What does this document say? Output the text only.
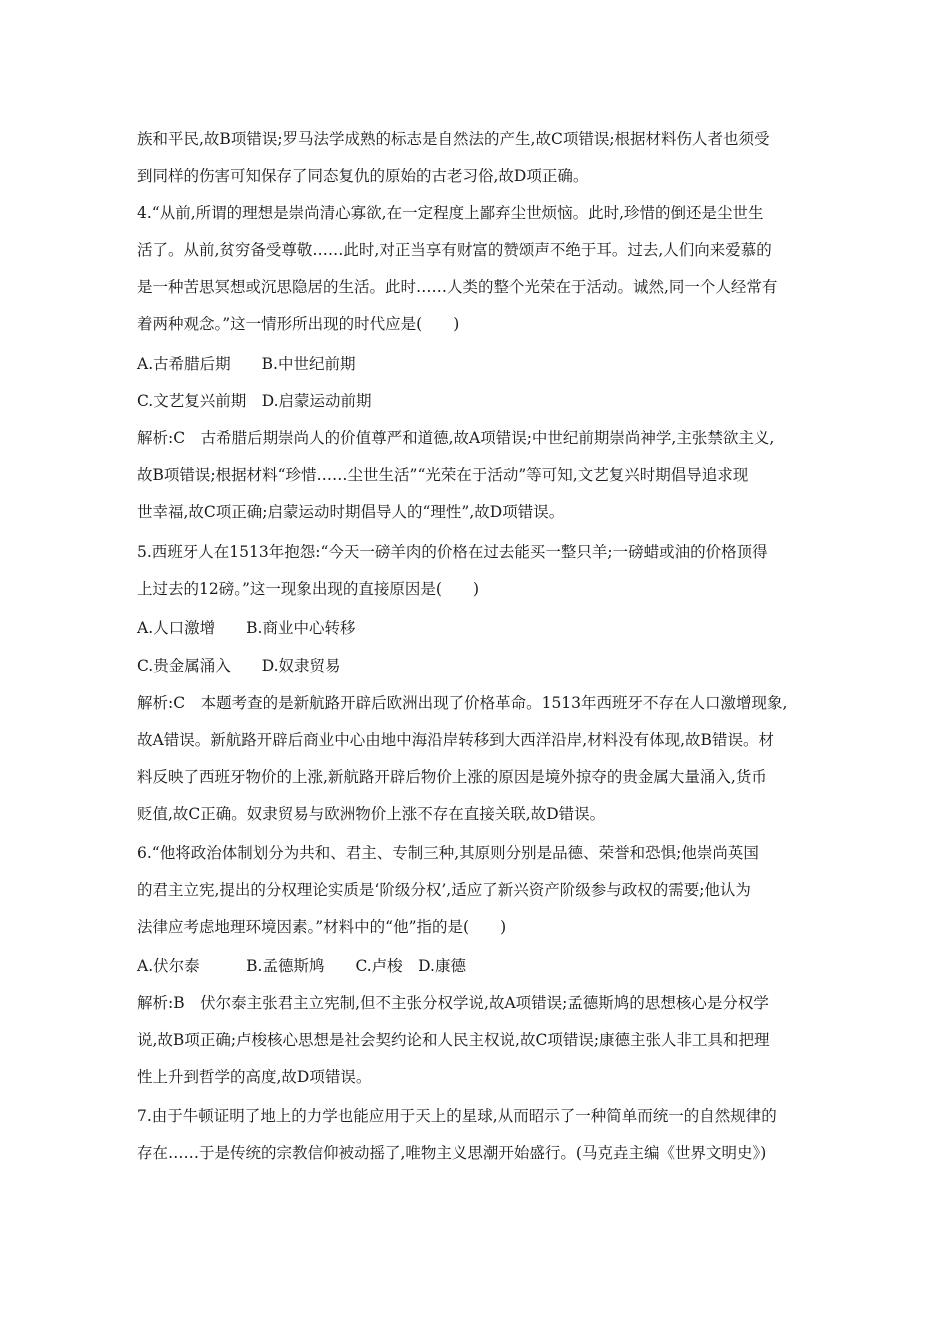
族和平民,故B项错误;罗马法学成熟的标志是自然法的产生,故C项错误;根据材料伤人者也须受
到同样的伤害可知保存了同态复仇的原始的古老习俗,故D项正确。
4.“从前,所谓的理想是崇尚清心寡欲,在一定程度上鄙弃尘世烦恼。此时,珍惜的倒还是尘世生
活了。从前,贫穷备受尊敬……此时,对正当享有财富的赞颂声不绝于耳。过去,人们向来爱慕的
是一种苦思冥想或沉思隐居的生活。此时……人类的整个光荣在于活动。诚然,同一个人经常有
着两种观念。”这一情形所出现的时代应是(　　)
A.古希腊后期　　B.中世纪前期
C.文艺复兴前期　D.启蒙运动前期
解析:C　古希腊后期崇尚人的价值尊严和道德,故A项错误;中世纪前期崇尚神学,主张禁欲主义,
故B项错误;根据材料“珍惜……尘世生活”“光荣在于活动”等可知,文艺复兴时期倡导追求现
世幸福,故C项正确;启蒙运动时期倡导人的“理性”,故D项错误。
5.西班牙人在1513年抱怨:“今天一磅羊肉的价格在过去能买一整只羊;一磅蜡或油的价格顶得
上过去的12磅。”这一现象出现的直接原因是(　　)
A.人口激增　　B.商业中心转移
C.贵金属涌入　　D.奴隶贸易
解析:C　本题考查的是新航路开辟后欧洲出现了价格革命。1513年西班牙不存在人口激增现象,
故A错误。新航路开辟后商业中心由地中海沿岸转移到大西洋沿岸,材料没有体现,故B错误。材
料反映了西班牙物价的上涨,新航路开辟后物价上涨的原因是境外掠夺的贵金属大量涌入,货币
贬值,故C正确。奴隶贸易与欧洲物价上涨不存在直接关联,故D错误。
6.“他将政治体制划分为共和、君主、专制三种,其原则分别是品德、荣誉和恐惧;他崇尚英国
的君主立宪,提出的分权理论实质是‘阶级分权’,适应了新兴资产阶级参与政权的需要;他认为
法律应考虑地理环境因素。”材料中的“他”指的是(　　)
A.伏尔泰　　　B.孟德斯鸠　　C.卢梭　D.康德
解析:B　伏尔泰主张君主立宪制,但不主张分权学说,故A项错误;孟德斯鸠的思想核心是分权学
说,故B项正确;卢梭核心思想是社会契约论和人民主权说,故C项错误;康德主张人非工具和把理
性上升到哲学的高度,故D项错误。
7.由于牛顿证明了地上的力学也能应用于天上的星球,从而昭示了一种简单而统一的自然规律的
存在……于是传统的宗教信仰被动摇了,唯物主义思潮开始盛行。(马克垚主编《世界文明史》)
